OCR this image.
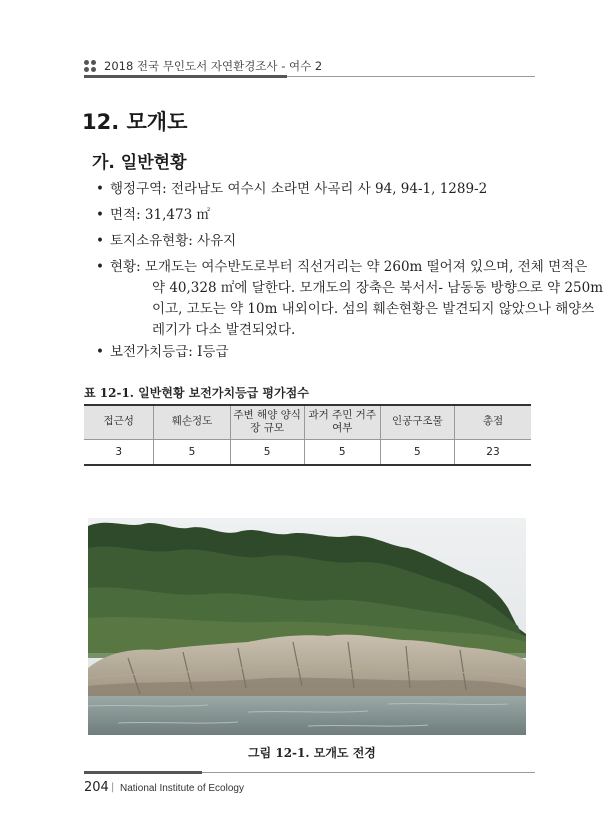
2018 전국 무인도서 자연환경조사 - 여수 2
12. 모개도
가. 일반현황
• 행정구역: 전라남도 여수시 소라면 사곡리 사 94, 94-1, 1289-2
• 면적: 31,473 ㎡
• 토지소유현황: 사유지
• 현황: 모개도는 여수반도로부터 직선거리는 약 260m 떨어져 있으며, 전체 면적은
약 40,328 ㎡에 달한다. 모개도의 장축은 북서서- 남동동 방향으로 약 250m
이고, 고도는 약 10m 내외이다. 섬의 훼손현황은 발견되지 않았으나 해양쓰
레기가 다소 발견되었다.
• 보전가치등급: Ⅰ등급
표 12-1. 일반현황 보전가치등급 평가점수
접근성	훼손정도	주변 해양 양식장 규모	과거 주민 거주 여부	인공구조물	총점
3	5	5	5	5	23
그림 12-1. 모개도 전경
204 | National Institute of Ecology
